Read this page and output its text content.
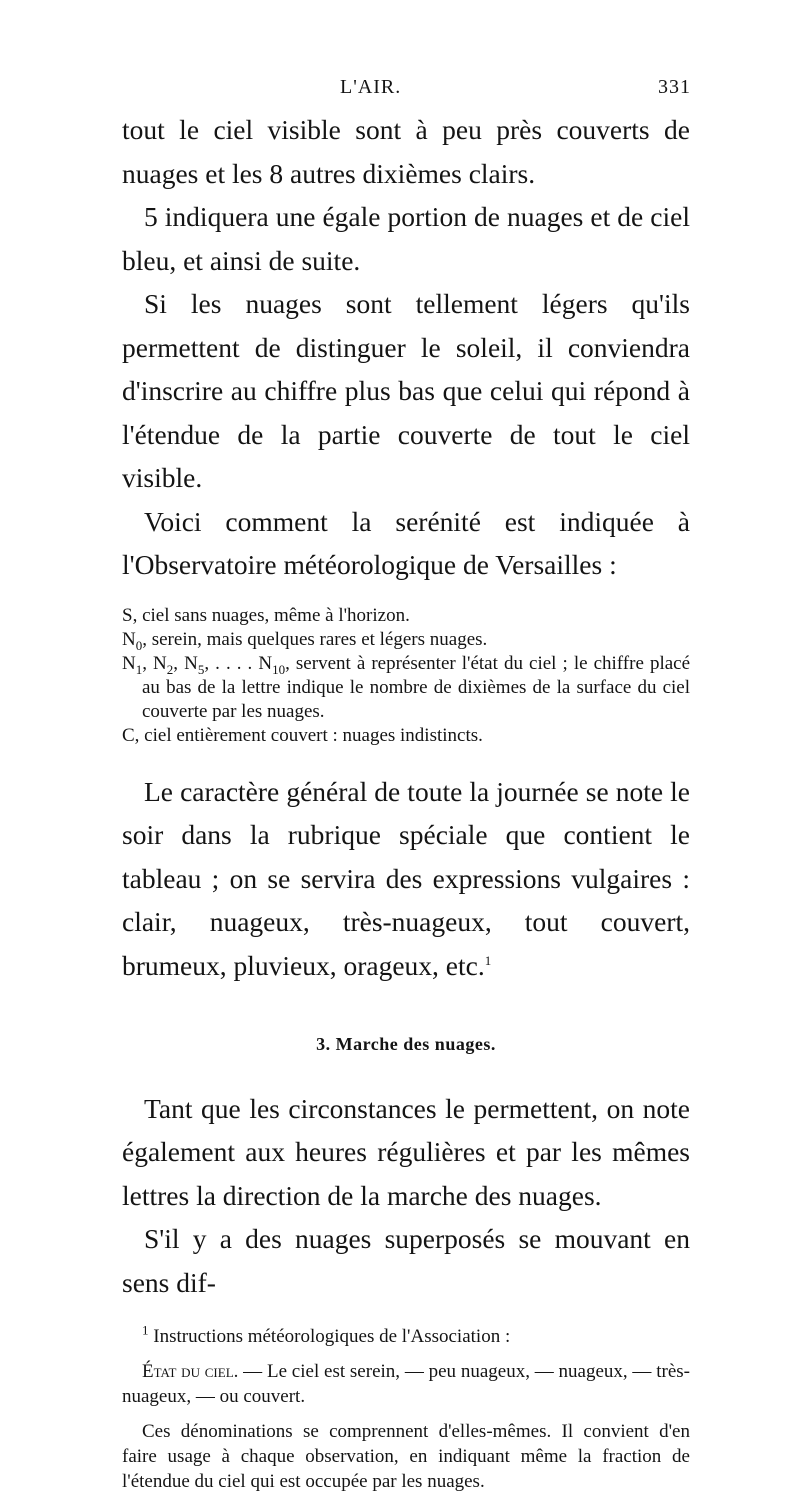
L'AIR.	331

tout le ciel visible sont à peu près couverts de nuages et les 8 autres dixièmes clairs.

5 indiquera une égale portion de nuages et de ciel bleu, et ainsi de suite.

Si les nuages sont tellement légers qu'ils permettent de distinguer le soleil, il conviendra d'inscrire au chiffre plus bas que celui qui répond à l'étendue de la partie couverte de tout le ciel visible.

Voici comment la serénité est indiquée à l'Observatoire météorologique de Versailles :

S, ciel sans nuages, même à l'horizon.

$N_0$, serein, mais quelques rares et légers nuages.

$N_1$, $N_2$, $N_5$, . . . . $N_{10}$, servent à représenter l'état du ciel ; le chiffre placé au bas de la lettre indique le nombre de dixièmes de la surface du ciel couverte par les nuages.

C, ciel entièrement couvert : nuages indistincts.

Le caractère général de toute la journée se note le soir dans la rubrique spéciale que contient le tableau ; on se servira des expressions vulgaires : clair, nuageux, très-nuageux, tout couvert, brumeux, pluvieux, orageux, etc.$^1$

3. Marche des nuages.

Tant que les circonstances le permettent, on note également aux heures régulières et par les mêmes lettres la direction de la marche des nuages.

S'il y a des nuages superposés se mouvant en sens dif-

$^1$ Instructions météorologiques de l'Association :

État du ciel. — Le ciel est serein, — peu nuageux, — nuageux, — très-nuageux, — ou couvert.

Ces dénominations se comprennent d'elles-mêmes. Il convient d'en faire usage à chaque observation, en indiquant même la fraction de l'étendue du ciel qui est occupée par les nuages.
